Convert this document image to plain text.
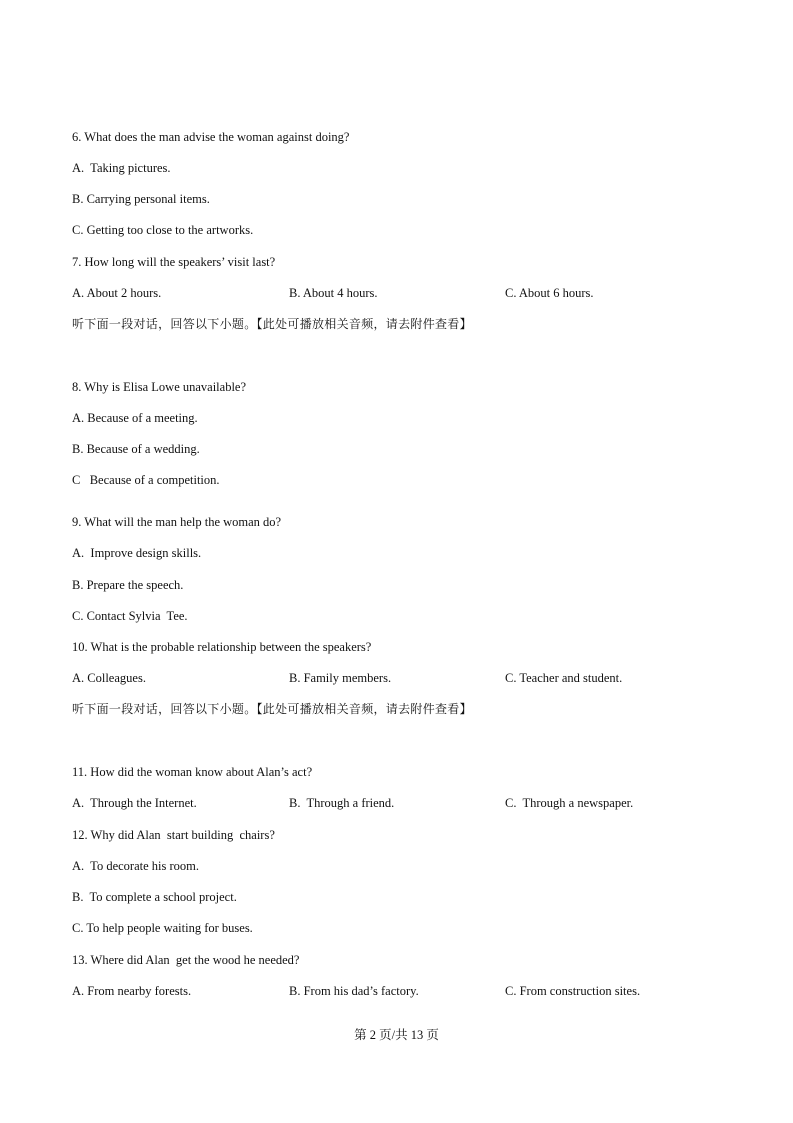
6. What does the man advise the woman against doing?
A.  Taking pictures.
B. Carrying personal items.
C. Getting too close to the artworks.
7. How long will the speakers’ visit last?
A. About 2 hours.	B. About 4 hours.	C. About 6 hours.
听下面一段对话，回答以下小题。【此处可播放相关音频，请去附件查看】
8. Why is Elisa Lowe unavailable?
A. Because of a meeting.
B. Because of a wedding.
C   Because of a competition.
9. What will the man help the woman do?
A.  Improve design skills.
B. Prepare the speech.
C. Contact Sylvia  Tee.
10. What is the probable relationship between the speakers?
A. Colleagues.	B. Family members.	C. Teacher and student.
听下面一段对话，回答以下小题。【此处可播放相关音频，请去附件查看】
11. How did the woman know about Alan’s act?
A.  Through the Internet.	B.  Through a friend.	C.  Through a newspaper.
12. Why did Alan  start building  chairs?
A.  To decorate his room.
B.  To complete a school project.
C. To help people waiting for buses.
13. Where did Alan  get the wood he needed?
A. From nearby forests.	B. From his dad’s factory.	C. From construction sites.
第 2 页/共 13 页
